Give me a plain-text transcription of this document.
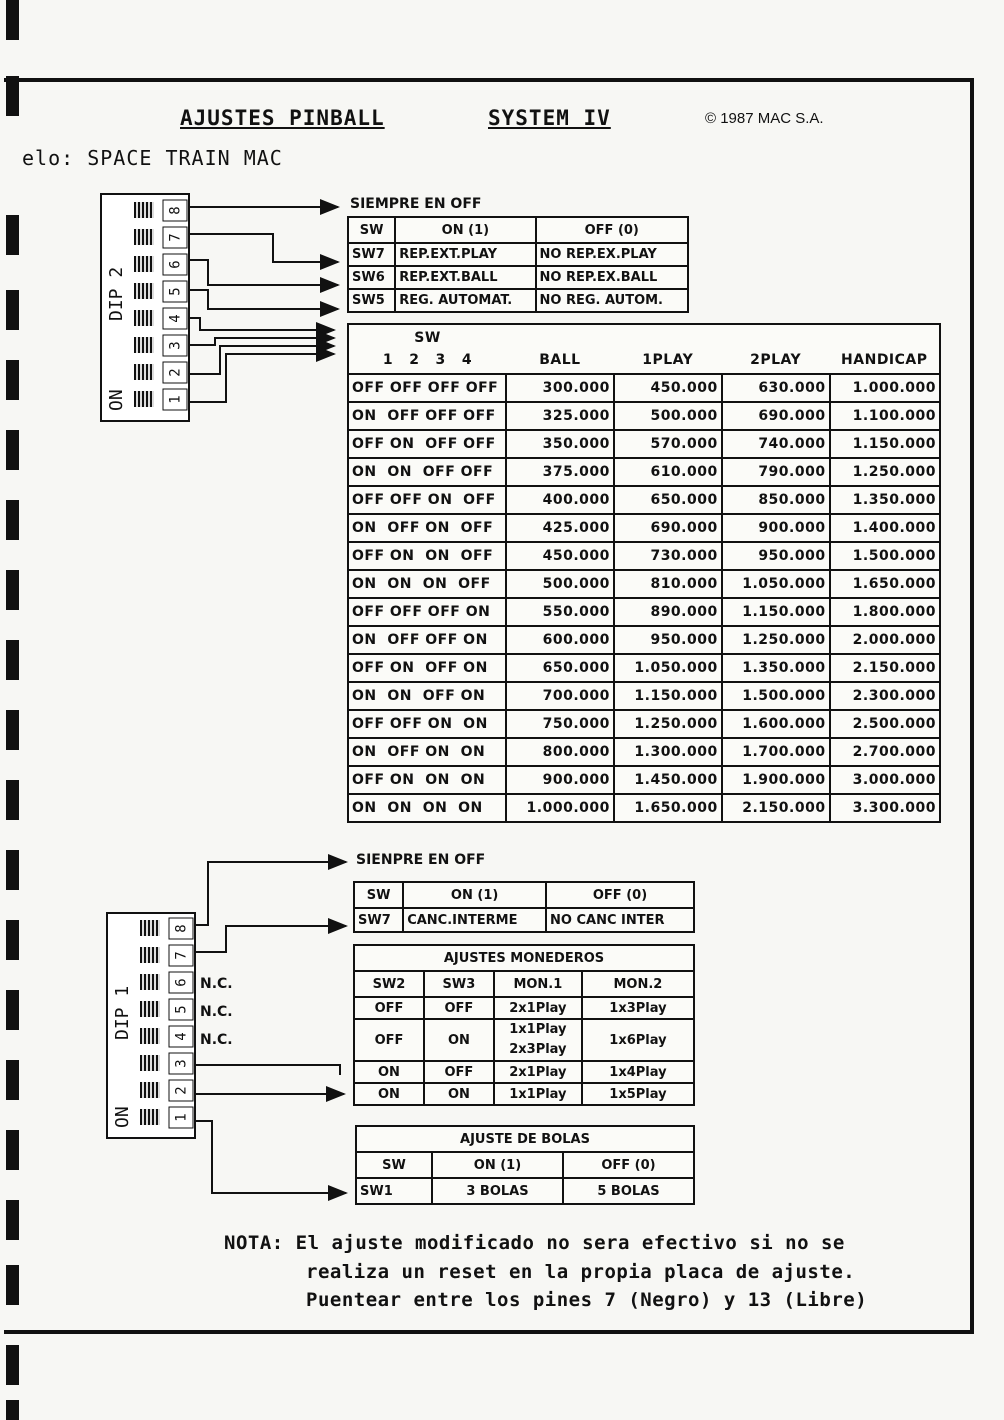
AJUSTES PINBALL	SYSTEM IV	© 1987 MAC S.A.
elo: SPACE TRAIN MAC
DIP 2
ON
8
7
6
5
4
3
2
1
SIEMPRE EN OFF
SW	ON (1)	OFF (0)
SW7	REP.EXT.PLAY	NO REP.EX.PLAY
SW6	REP.EXT.BALL	NO REP.EX.BALL
SW5	REG. AUTOMAT.	NO REG. AUTOM.
SW				
1   2   3   4	BALL	1PLAY	2PLAY	HANDICAP
OFF OFF OFF OFF	300.000	450.000	630.000	1.000.000
ON  OFF OFF OFF	325.000	500.000	690.000	1.100.000
OFF ON  OFF OFF	350.000	570.000	740.000	1.150.000
ON  ON  OFF OFF	375.000	610.000	790.000	1.250.000
OFF OFF ON  OFF	400.000	650.000	850.000	1.350.000
ON  OFF ON  OFF	425.000	690.000	900.000	1.400.000
OFF ON  ON  OFF	450.000	730.000	950.000	1.500.000
ON  ON  ON  OFF	500.000	810.000	1.050.000	1.650.000
OFF OFF OFF ON	550.000	890.000	1.150.000	1.800.000
ON  OFF OFF ON	600.000	950.000	1.250.000	2.000.000
OFF ON  OFF ON	650.000	1.050.000	1.350.000	2.150.000
ON  ON  OFF ON	700.000	1.150.000	1.500.000	2.300.000
OFF OFF ON  ON	750.000	1.250.000	1.600.000	2.500.000
ON  OFF ON  ON	800.000	1.300.000	1.700.000	2.700.000
OFF ON  ON  ON	900.000	1.450.000	1.900.000	3.000.000
ON  ON  ON  ON	1.000.000	1.650.000	2.150.000	3.300.000
SIENPRE EN OFF
DIP 1
ON
8
7
6
5
4
3
2
1
N.C.
N.C.
N.C.
SW	ON (1)	OFF (0)
SW7	CANC.INTERME	NO CANC INTER
AJUSTES MONEDEROS			
SW2	SW3	MON.1	MON.2
OFF	OFF	2x1Play	1x3Play
OFF	ON	1x1Play 2x3Play	1x6Play
ON	OFF	2x1Play	1x4Play
ON	ON	1x1Play	1x5Play
AJUSTE DE BOLAS		
SW	ON (1)	OFF (0)
SW1	3 BOLAS	5 BOLAS
NOTA: El ajuste modificado no sera efectivo si no se
realiza un reset en la propia placa de ajuste.
Puentear entre los pines 7 (Negro) y 13 (Libre)
